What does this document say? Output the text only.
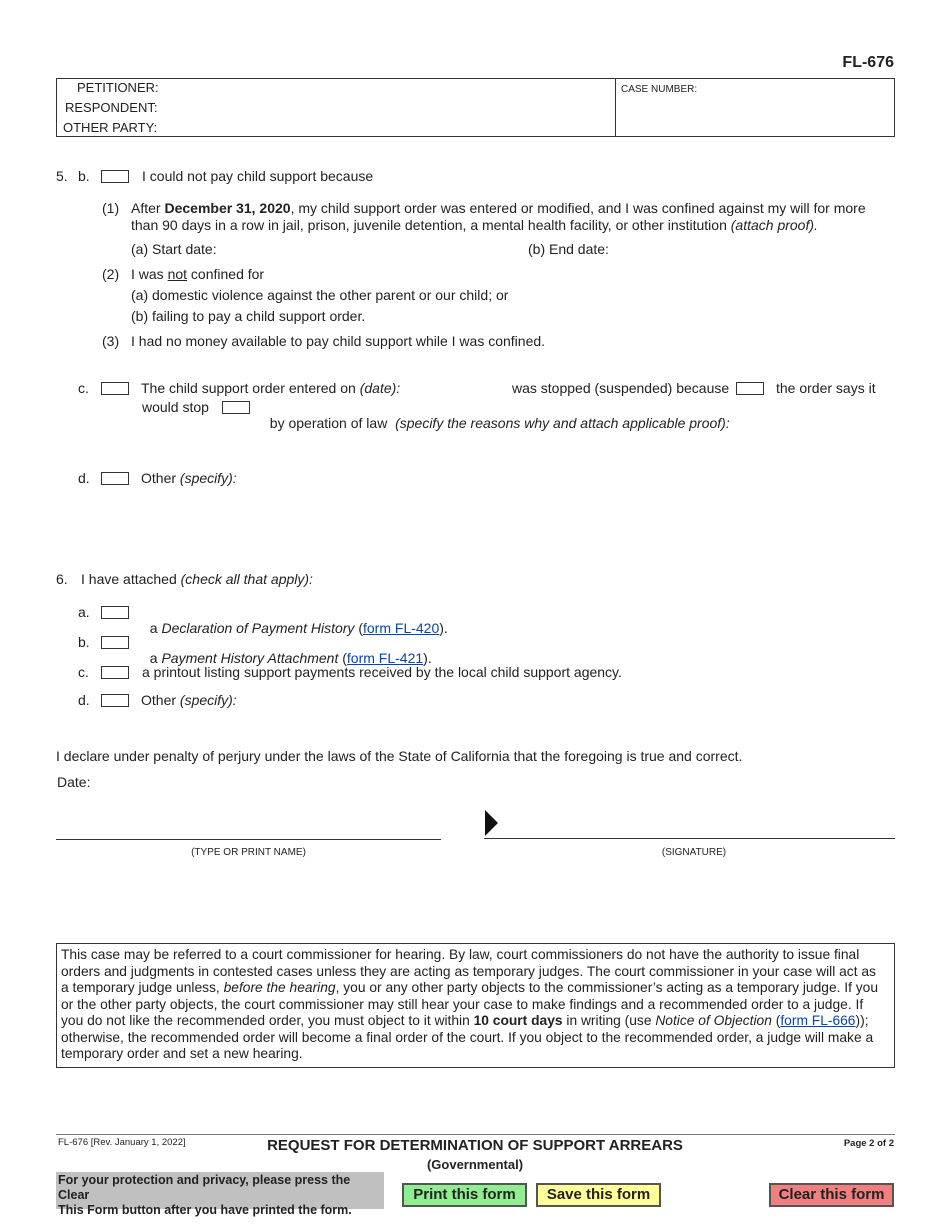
FL-676
PETITIONER:
RESPONDENT:
OTHER PARTY:
CASE NUMBER:
5. b.	I could not pay child support because
(1) After December 31, 2020, my child support order was entered or modified, and I was confined against my will for more
than 90 days in a row in jail, prison, juvenile detention, a mental health facility, or other institution (attach proof).
(a) Start date:	(b) End date:
(2) I was not confined for
(a) domestic violence against the other parent or our child; or
(b) failing to pay a child support order.
(3) I had no money available to pay child support while I was confined.
c.	The child support order entered on (date):	was stopped (suspended) because	the order says it
would stop

by operation of law  (specify the reasons why and attach applicable proof):

d.	Other (specify):
6. I have attached (check all that apply):
a.

a Declaration of Payment History (form FL-420).

b.

a Payment History Attachment (form FL-421).

c.	a printout listing support payments received by the local child support agency.
d.	Other (specify):
I declare under penalty of perjury under the laws of the State of California that the foregoing is true and correct.
Date:
(TYPE OR PRINT NAME)	(SIGNATURE)
This case may be referred to a court commissioner for hearing. By law, court commissioners do not have the authority to issue final
orders and judgments in contested cases unless they are acting as temporary judges. The court commissioner in your case will act as
a temporary judge unless, before the hearing, you or any other party objects to the commissioner’s acting as a temporary judge. If you
or the other party objects, the court commissioner may still hear your case to make findings and a recommended order to a judge. If
you do not like the recommended order, you must object to it within 10 court days in writing (use Notice of Objection (form FL-666));
otherwise, the recommended order will become a final order of the court. If you object to the recommended order, a judge will make a
temporary order and set a new hearing.
FL-676 [Rev. January 1, 2022]	REQUEST FOR DETERMINATION OF SUPPORT ARREARS
(Governmental)
Page 2 of 2
For your protection and privacy, please press the Clear
This Form button after you have printed the form.
Print this form	Save this form	Clear this form
